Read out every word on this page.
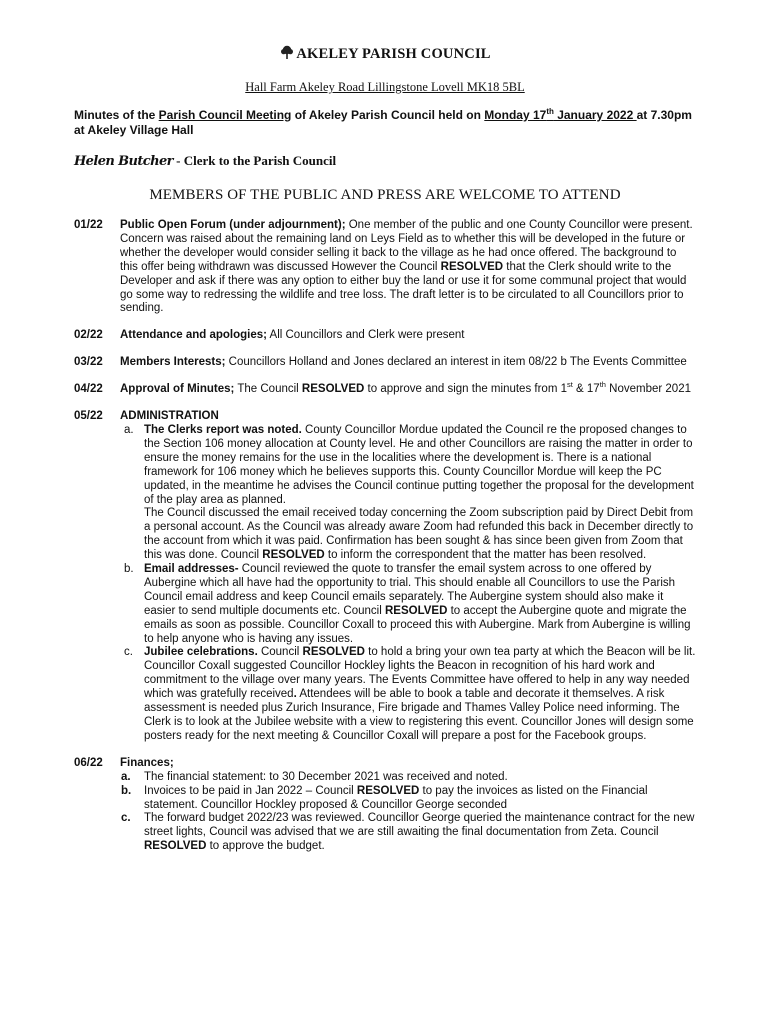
AKELEY PARISH COUNCIL
Hall Farm Akeley Road Lillingstone Lovell MK18 5BL
Minutes of the Parish Council Meeting of Akeley Parish Council held on Monday 17th January 2022 at 7.30pm at Akeley Village Hall
Helen Butcher - Clerk to the Parish Council
MEMBERS OF THE PUBLIC AND PRESS ARE WELCOME TO ATTEND
01/22 Public Open Forum (under adjournment); One member of the public and one County Councillor were present.

Concern was raised about the remaining land on Leys Field as to whether this will be developed in the future or whether the developer would consider selling it back to the village as he had once offered. The background to this offer being withdrawn was discussed However the Council RESOLVED that the Clerk should write to the Developer and ask if there was any option to either buy the land or use it for some communal project that would go some way to redressing the wildlife and tree loss. The draft letter is to be circulated to all Councillors prior to sending.

02/22 Attendance and apologies; All Councillors and Clerk were present

03/22 Members Interests; Councillors Holland and Jones declared an interest in item 08/22 b The Events Committee

04/22 Approval of Minutes; The Council RESOLVED to approve and sign the minutes from 1st & 17th November 2021

05/22 ADMINISTRATION

a. The Clerks report was noted. County Councillor Mordue updated the Council re the proposed changes to the Section 106 money allocation at County level. He and other Councillors are raising the matter in order to ensure the money remains for the use in the localities where the development is. There is a national framework for 106 money which he believes supports this. County Councillor Mordue will keep the PC updated, in the meantime he advises the Council continue putting together the proposal for the development of the play area as planned.

The Council discussed the email received today concerning the Zoom subscription paid by Direct Debit from a personal account. As the Council was already aware Zoom had refunded this back in December directly to the account from which it was paid. Confirmation has been sought & has since been given from Zoom that this was done. Council RESOLVED to inform the correspondent that the matter has been resolved.

b. Email addresses- Council reviewed the quote to transfer the email system across to one offered by Aubergine which all have had the opportunity to trial. This should enable all Councillors to use the Parish Council email address and keep Council emails separately. The Aubergine system should also make it easier to send multiple documents etc. Council RESOLVED to accept the Aubergine quote and migrate the emails as soon as possible. Councillor Coxall to proceed this with Aubergine. Mark from Aubergine is willing to help anyone who is having any issues.

c. Jubilee celebrations. Council RESOLVED to hold a bring your own tea party at which the Beacon will be lit. Councillor Coxall suggested Councillor Hockley lights the Beacon in recognition of his hard work and commitment to the village over many years. The Events Committee have offered to help in any way needed which was gratefully received. Attendees will be able to book a table and decorate it themselves. A risk assessment is needed plus Zurich Insurance, Fire brigade and Thames Valley Police need informing. The Clerk is to look at the Jubilee website with a view to registering this event. Councillor Jones will design some posters ready for the next meeting & Councillor Coxall will prepare a post for the Facebook groups.

06/22 Finances;

a. The financial statement: to 30 December 2021 was received and noted.

b. Invoices to be paid in Jan 2022 – Council RESOLVED to pay the invoices as listed on the Financial statement. Councillor Hockley proposed & Councillor George seconded

c. The forward budget 2022/23 was reviewed. Councillor George queried the maintenance contract for the new street lights, Council was advised that we are still awaiting the final documentation from Zeta. Council RESOLVED to approve the budget.
